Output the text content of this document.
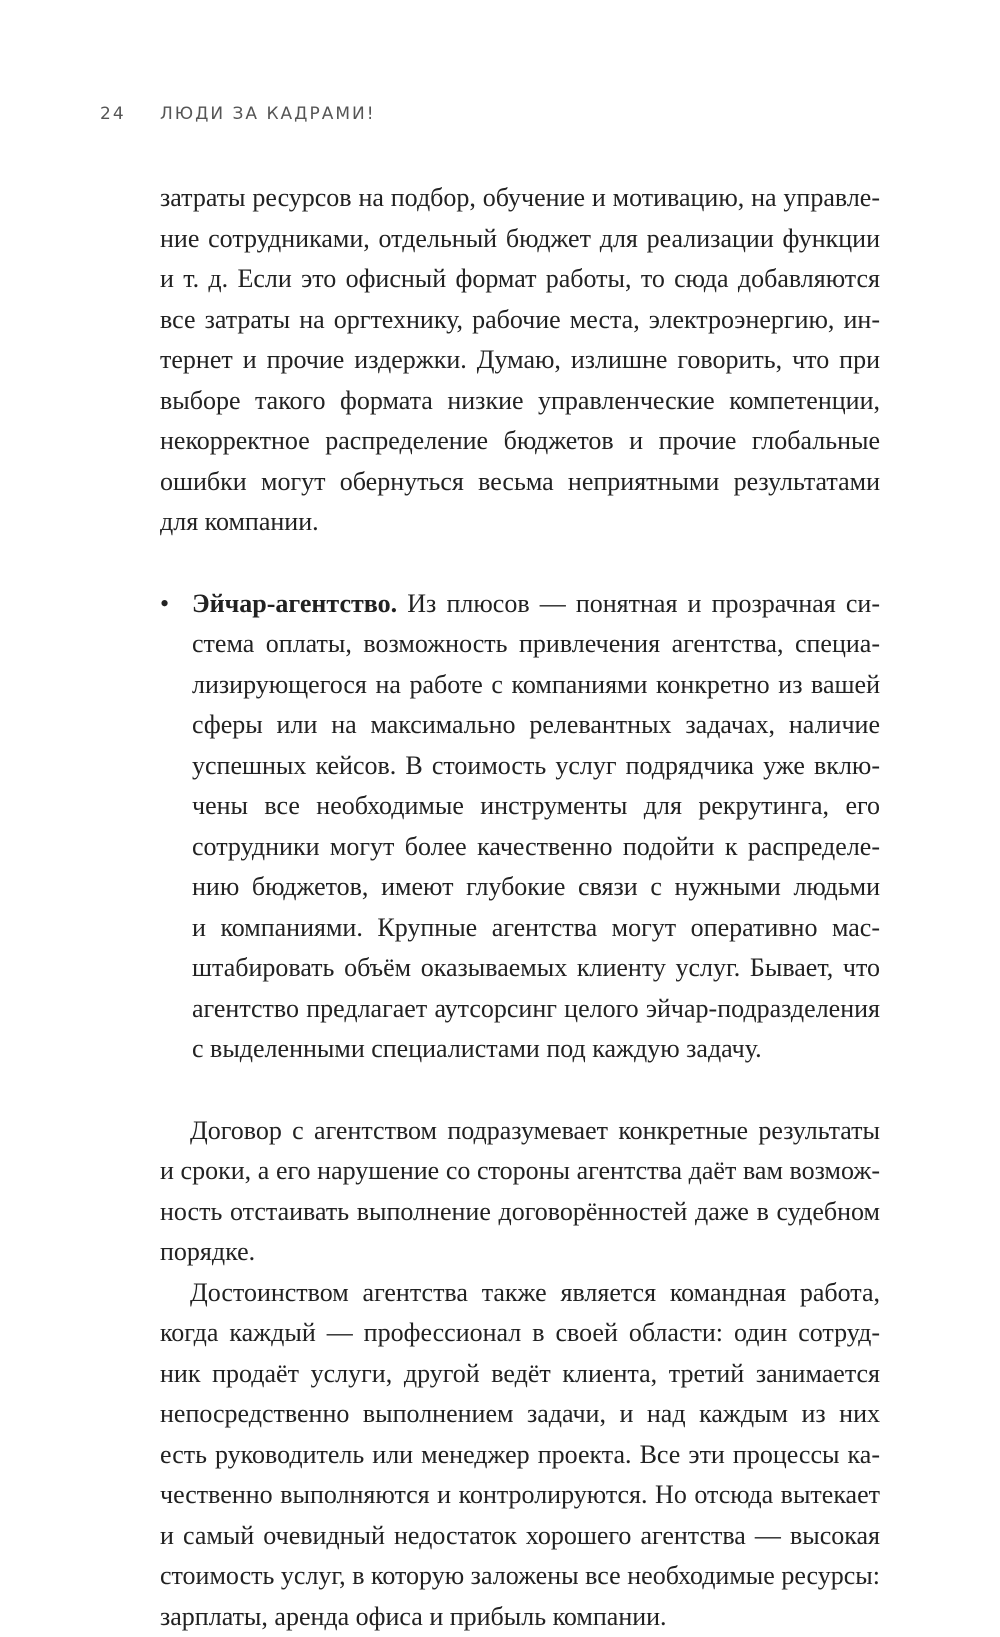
24 ЛЮДИ ЗА КАДРАМИ!
затраты ресурсов на подбор, обучение и мотивацию, на управле-
ние сотрудниками, отдельный бюджет для реализации функции
и т. д. Если это офисный формат работы, то сюда добавляются
все затраты на оргтехнику, рабочие места, электроэнергию, ин-
тернет и прочие издержки. Думаю, излишне говорить, что при
выборе такого формата низкие управленческие компетенции,
некорректное распределение бюджетов и прочие глобальные
ошибки могут обернуться весьма неприятными результатами
для компании.
• Эйчар-агентство. Из плюсов — понятная и прозрачная си-
стема оплаты, возможность привлечения агентства, специа-
лизирующегося на работе с компаниями конкретно из вашей
сферы или на максимально релевантных задачах, наличие
успешных кейсов. В стоимость услуг подрядчика уже вклю-
чены все необходимые инструменты для рекрутинга, его
сотрудники могут более качественно подойти к распределе-
нию бюджетов, имеют глубокие связи с нужными людьми
и компаниями. Крупные агентства могут оперативно мас-
штабировать объём оказываемых клиенту услуг. Бывает, что
агентство предлагает аутсорсинг целого эйчар-подразделения
с выделенными специалистами под каждую задачу.
Договор с агентством подразумевает конкретные результаты
и сроки, а его нарушение со стороны агентства даёт вам возмож-
ность отстаивать выполнение договорённостей даже в судебном
порядке.
Достоинством агентства также является командная работа,
когда каждый — профессионал в своей области: один сотруд-
ник продаёт услуги, другой ведёт клиента, третий занимается
непосредственно выполнением задачи, и над каждым из них
есть руководитель или менеджер проекта. Все эти процессы ка-
чественно выполняются и контролируются. Но отсюда вытекает
и самый очевидный недостаток хорошего агентства — высокая
стоимость услуг, в которую заложены все необходимые ресурсы:
зарплаты, аренда офиса и прибыль компании.
